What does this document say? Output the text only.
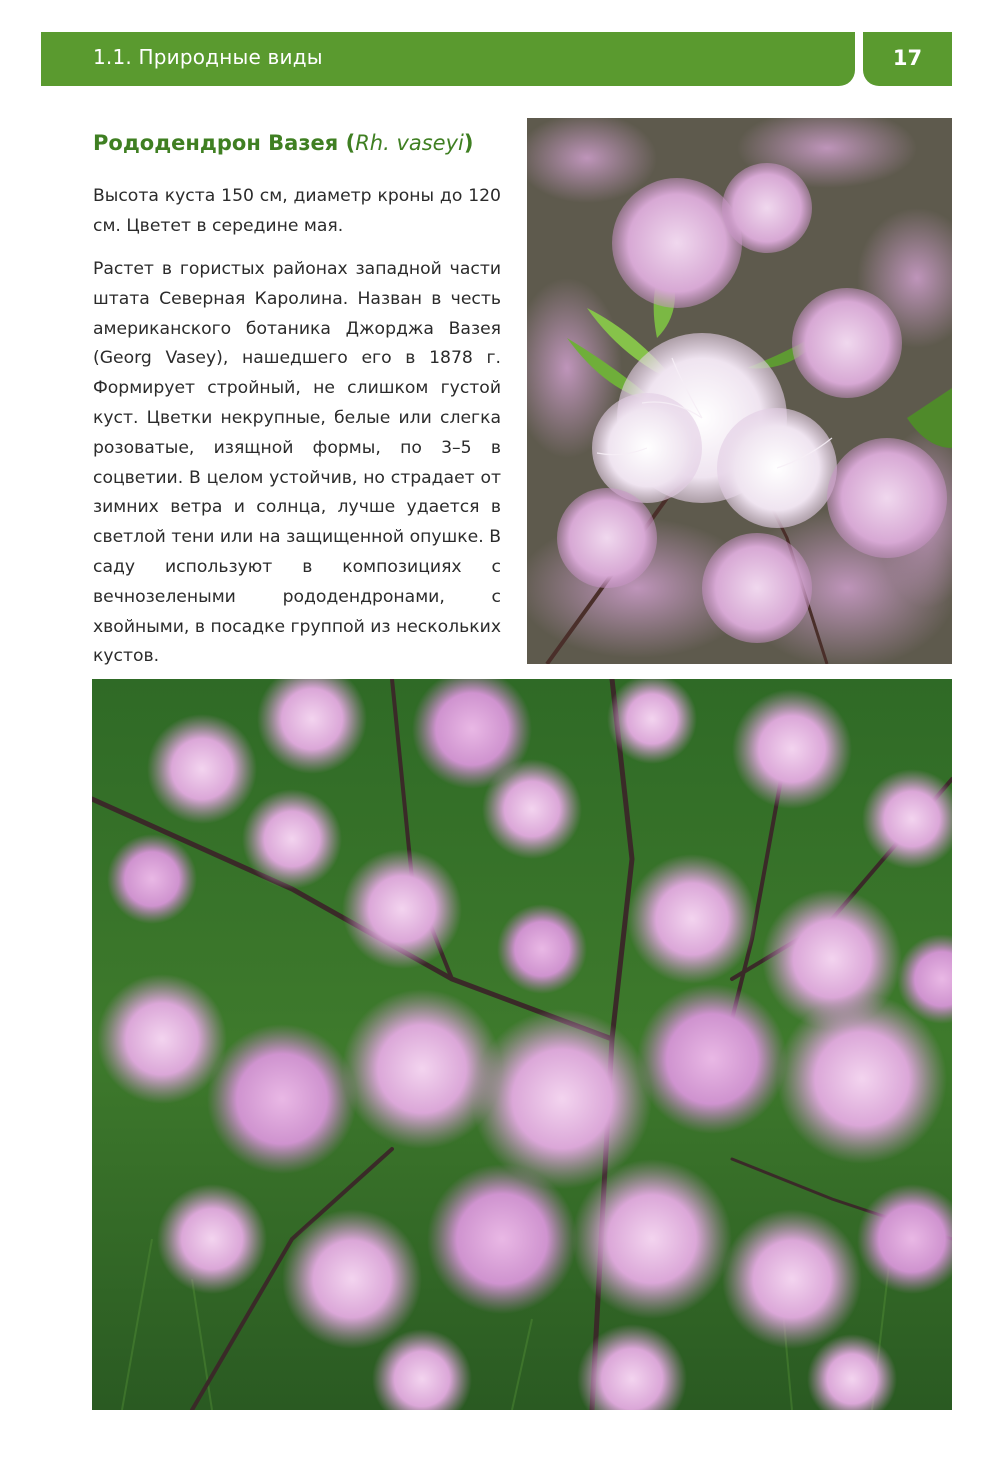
1.1. Природные виды	17
Рододендрон Вазея (Rh. vaseyi)
Высота куста 150 см, диаметр кроны до 120 см. Цветет в середине мая.
Растет в гористых районах западной части штата Северная Каролина. Назван в честь американского ботаника Джорджа Вазея (Georg Vasey), нашедшего его в 1878 г. Формирует стройный, не слишком густой куст. Цветки некрупные, белые или слегка розоватые, изящной формы, по 3–5 в соцветии. В целом устойчив, но страдает от зимних ветра и солнца, лучше удается в светлой тени или на защищенной опушке. В саду используют в композициях с вечнозелеными рододендронами, с хвойными, в посадке группой из нескольких кустов.
